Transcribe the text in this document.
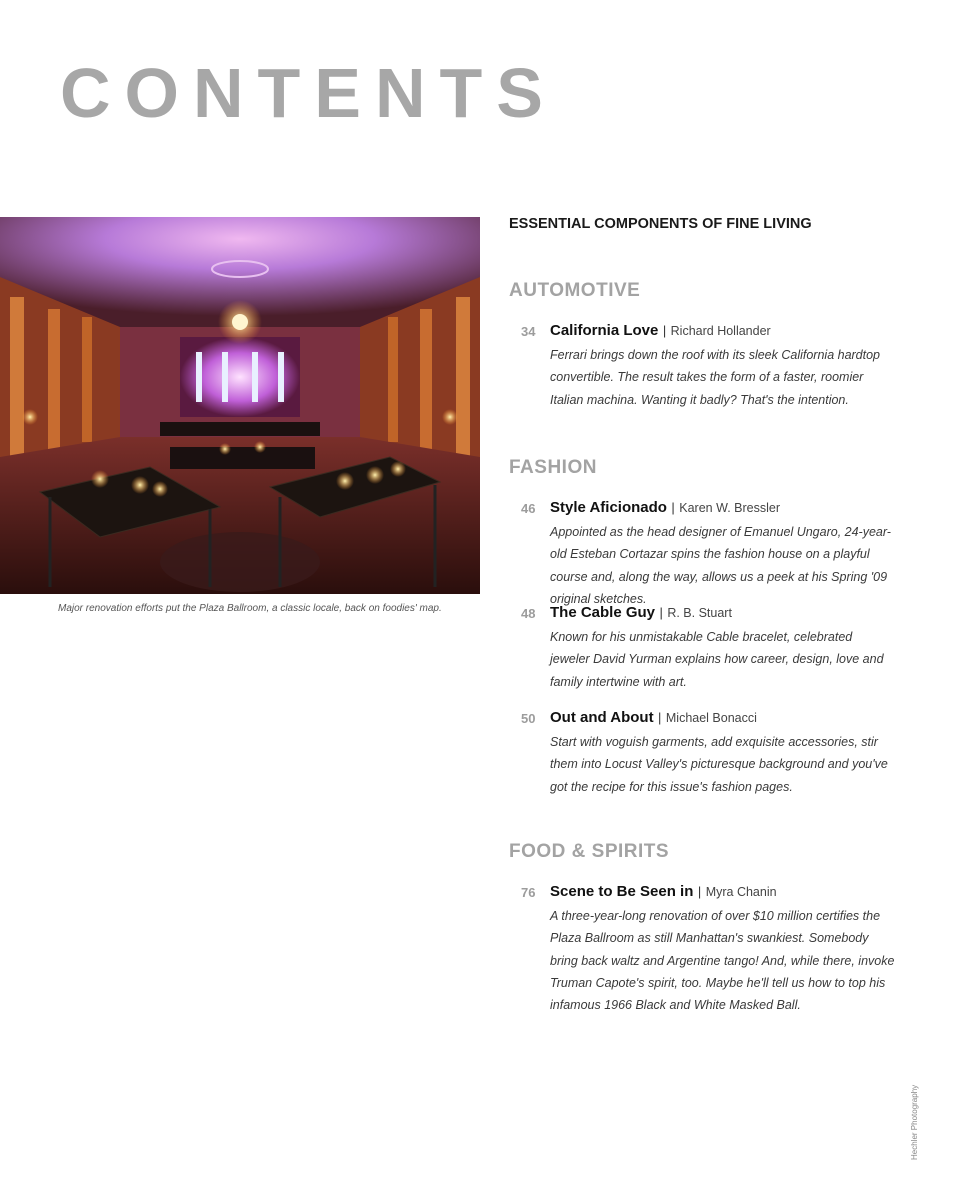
CONTENTS
Major renovation efforts put the Plaza Ballroom, a classic locale, back on foodies' map.
ESSENTIAL COMPONENTS OF FINE LIVING
AUTOMOTIVE
34 California Love | Richard Hollander
Ferrari brings down the roof with its sleek California hardtop convertible. The result takes the form of a faster, roomier Italian machina. Wanting it badly? That's the intention.
FASHION
46 Style Aficionado | Karen W. Bressler
Appointed as the head designer of Emanuel Ungaro, 24-year-old Esteban Cortazar spins the fashion house on a playful course and, along the way, allows us a peek at his Spring '09 original sketches.
48 The Cable Guy | R. B. Stuart
Known for his unmistakable Cable bracelet, celebrated jeweler David Yurman explains how career, design, love and family intertwine with art.
50 Out and About | Michael Bonacci
Start with voguish garments, add exquisite accessories, stir them into Locust Valley's picturesque background and you've got the recipe for this issue's fashion pages.
FOOD & SPIRITS
76 Scene to Be Seen in | Myra Chanin
A three-year-long renovation of over $10 million certifies the Plaza Ballroom as still Manhattan's swankiest. Somebody bring back waltz and Argentine tango! And, while there, invoke Truman Capote's spirit, too. Maybe he'll tell us how to top his infamous 1966 Black and White Masked Ball.
Hechler Photography
